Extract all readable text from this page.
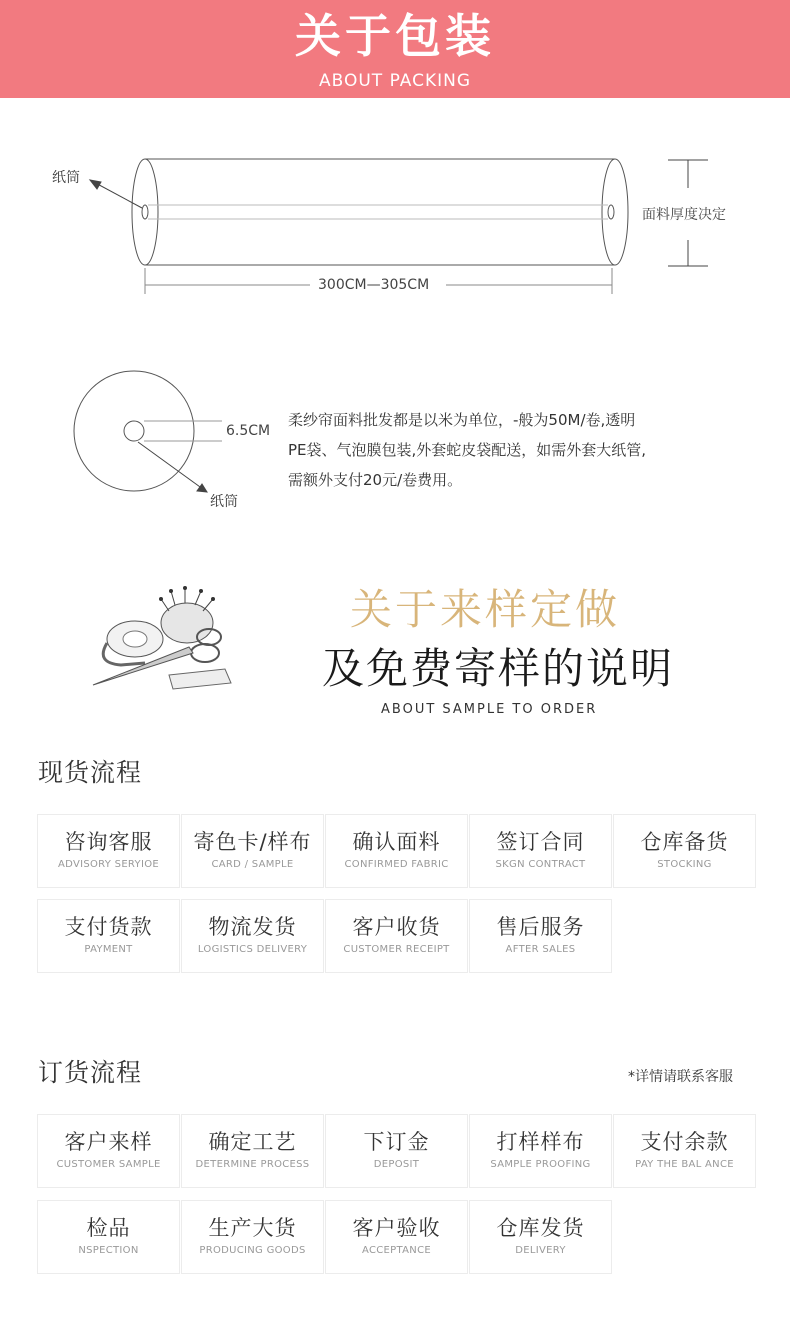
关于包装
ABOUT PACKING
纸筒
面料厚度决定
300CM—305CM
6.5CM
纸筒

柔纱帘面料批发都是以米为单位，-般为50M/卷,透明

PE袋、气泡膜包装,外套蛇皮袋配送，如需外套大纸管,

需额外支付20元/卷费用。

关于来样定做
及免费寄样的说明
ABOUT SAMPLE TO ORDER
现货流程
咨询客服
ADVISORY SERYIOE
寄色卡/样布
CARD / SAMPLE
确认面料
CONFIRMED FABRIC
签订合同
SKGN CONTRACT
仓库备货
STOCKING
支付货款
PAYMENT
物流发货
LOGISTICS DELIVERY
客户收货
CUSTOMER RECEIPT
售后服务
AFTER SALES
订货流程	*详情请联系客服
客户来样
CUSTOMER SAMPLE
确定工艺
DETERMINE PROCESS
下订金
DEPOSIT
打样样布
SAMPLE PROOFING
支付余款
PAY THE BAL ANCE
检品
NSPECTION
生产大货
PRODUCING GOODS
客户验收
ACCEPTANCE
仓库发货
DELIVERY
